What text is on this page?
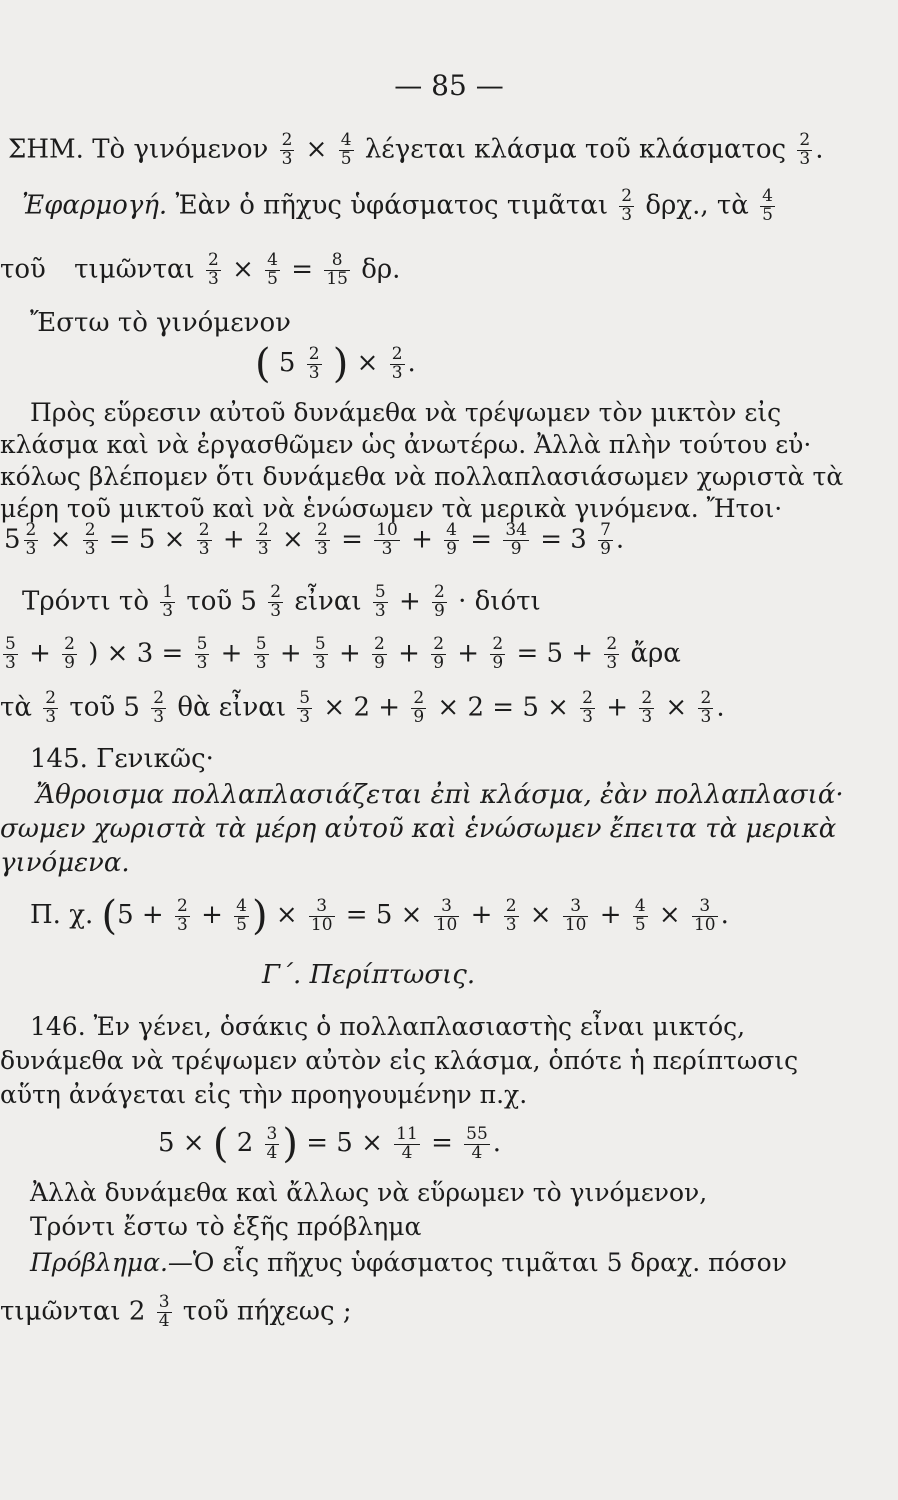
— 85 —
ΣΗΜ. Τὸ γινόμενον $\frac{2}{3} \times \frac{4}{5}$ λέγεται κλάσμα τοῦ κλάσματος $\frac{2}{3}$ .
Ἐφαρμογή. Ἐὰν ὁ πῆχυς ὑφάσματος τιμᾶται $\frac{2}{3} \delta\rho\chi$., τὰ $\frac{4}{5}$
τοῦ τιμῶνται $\frac{2}{3} \times \frac{4}{5} = \frac{8}{15} \delta\rho$.
Ἔστω τὸ γινόμενον
( $5 \frac{2}{3}$ ) × $\frac{2}{3}$ .
Πρὸς εὕρεσιν αὐτοῦ δυνάμεθα νὰ τρέψωμεν τὸν μικτὸν εἰς
κλάσμα καὶ νὰ ἐργασθῶμεν ὡς ἀνωτέρω. Ἀλλὰ πλὴν τούτου εὐ·
κόλως βλέπομεν ὅτι δυνάμεθα νὰ πολλαπλασιάσωμεν χωριστὰ τὰ
μέρη τοῦ μικτοῦ καὶ νὰ ἑνώσωμεν τὰ μερικὰ γινόμενα. Ἤτοι·
$5 \frac{2}{3} \times \frac{2}{3} = 5 \times \frac{2}{3} + \frac{2}{3} \times \frac{2}{3} = \frac{10}{3} + \frac{4}{9} = \frac{34}{9} = 3 \frac{7}{9}$ .
Τρόντι τὸ $\frac{1}{3}$ τοῦ $5 \frac{2}{3}$ εἶναι $\frac{5}{3} + \frac{2}{9} \cdot \delta\iota ό\tau\iota$
$\frac{5}{3} + \frac{2}{9}$ ) × $3 = \frac{5}{3} + \frac{5}{3} + \frac{5}{3} + \frac{2}{9} + \frac{2}{9} + \frac{2}{9} = 5 + \frac{2}{3}$ ἄρα
τὰ $\frac{2}{3}$ τοῦ $5 \frac{2}{3}$ θὰ εἶναι $\frac{5}{3} \times 2 + \frac{2}{9} \times 2 = 5 \times \frac{2}{3} + \frac{2}{3} \times \frac{2}{3}$ .
145. Γενικῶς·
Ἄθροισμα πολλαπλασιάζεται ἐπὶ κλάσμα, ἐὰν πολλαπλασιά·
σωμεν χωριστὰ τὰ μέρη αὐτοῦ καὶ ἑνώσωμεν ἔπειτα τὰ μερικὰ
γινόμενα.
Π. χ. ($5 + \frac{2}{3} + \frac{4}{5}$ ) × $\frac{3}{10} = 5 \times \frac{3}{10} + \frac{2}{3} \times \frac{3}{10} + \frac{4}{5} \times \frac{3}{10}$ .
Γ΄. Περίπτωσις.
146. Ἐν γένει, ὁσάκις ὁ πολλαπλασιαστὴς εἶναι μικτός,
δυνάμεθα νὰ τρέψωμεν αὐτὸν εἰς κλάσμα, ὁπότε ἡ περίπτωσις
αὕτη ἀνάγεται εἰς τὴν προηγουμένην π.χ.
5 × ( $2 \frac{3}{4}$ ) = $5 \times \frac{11}{4} = \frac{55}{4}$ .
Ἀλλὰ δυνάμεθα καὶ ἄλλως νὰ εὕρωμεν τὸ γινόμενον,
Τρόντι ἔστω τὸ ἑξῆς πρόβλημα
Πρόβλημα.—Ὁ εἷς πῆχυς ὑφάσματος τιμᾶται 5 δραχ. πόσον
τιμῶνται $2 \frac{3}{4}$ τοῦ πήχεως ;
